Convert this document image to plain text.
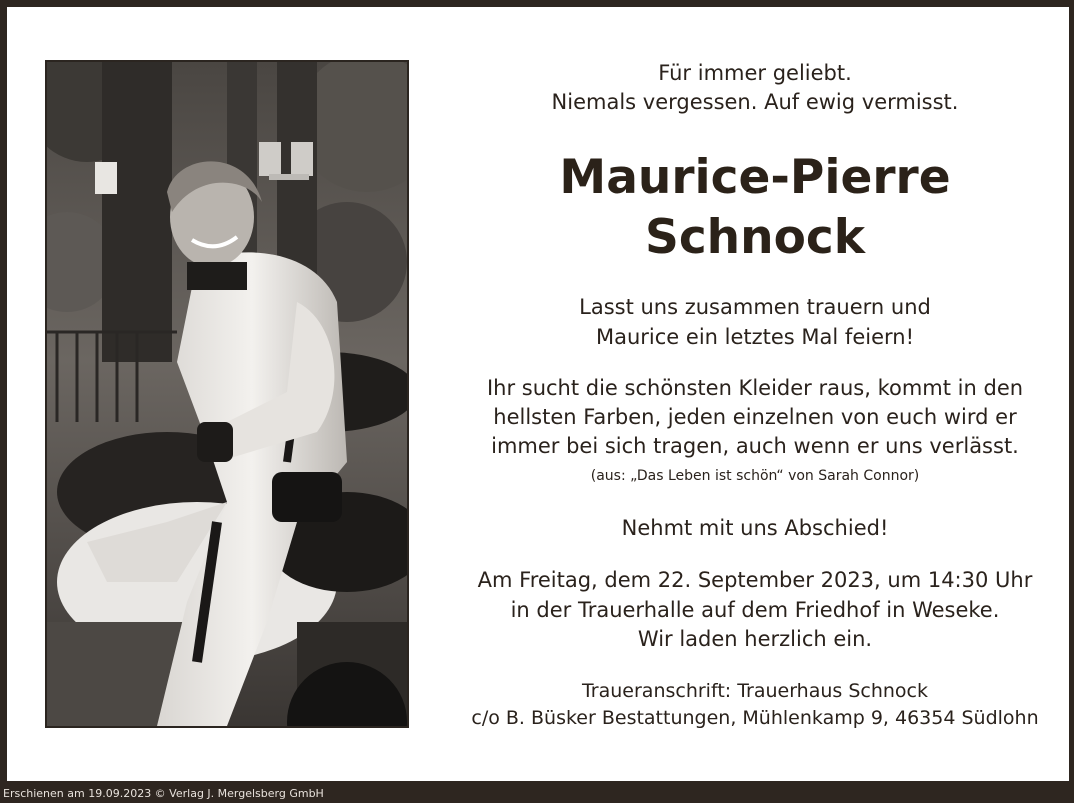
Für immer geliebt.
Niemals vergessen. Auf ewig vermisst.
Maurice-Pierre
Schnock
Lasst uns zusammen trauern und
Maurice ein letztes Mal feiern!
Ihr sucht die schönsten Kleider raus, kommt in den
hellsten Farben, jeden einzelnen von euch wird er
immer bei sich tragen, auch wenn er uns verlässt.
(aus: „Das Leben ist schön“ von Sarah Connor)
Nehmt mit uns Abschied!
Am Freitag, dem 22. September 2023, um 14:30 Uhr
in der Trauerhalle auf dem Friedhof in Weseke.
Wir laden herzlich ein.
Traueranschrift: Trauerhaus Schnock
c/o B. Büsker Bestattungen, Mühlenkamp 9, 46354 Südlohn
Erschienen am 19.09.2023 © Verlag J. Mergelsberg GmbH
